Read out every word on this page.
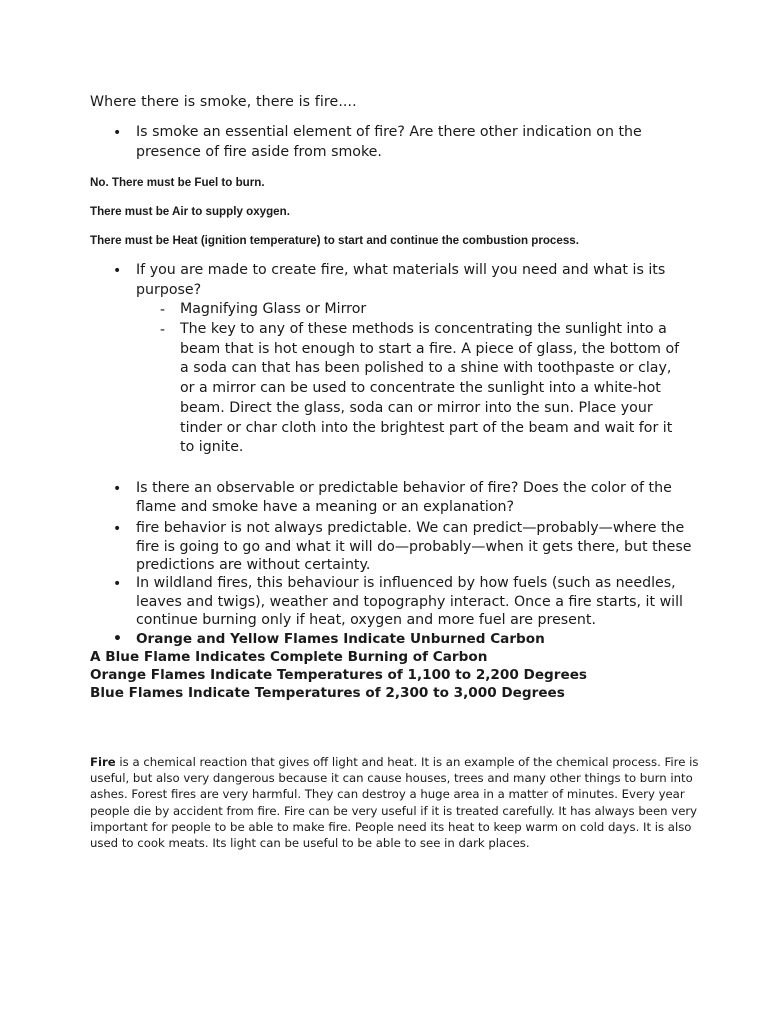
Where there is smoke, there is fire....
• Is smoke an essential element of fire? Are there other indication on the presence of fire aside from smoke.
No. There must be Fuel to burn.
There must be Air to supply oxygen.
There must be Heat (ignition temperature) to start and continue the combustion process.
• If you are made to create fire, what materials will you need and what is its purpose?
- Magnifying Glass or Mirror
- The key to any of these methods is concentrating the sunlight into a beam that is hot enough to start a fire. A piece of glass, the bottom of a soda can that has been polished to a shine with toothpaste or clay, or a mirror can be used to concentrate the sunlight into a white-hot beam. Direct the glass, soda can or mirror into the sun. Place your tinder or char cloth into the brightest part of the beam and wait for it to ignite.
• Is there an observable or predictable behavior of fire? Does the color of the flame and smoke have a meaning or an explanation?
• fire behavior is not always predictable. We can predict—probably—where the fire is going to go and what it will do—probably—when it gets there, but these predictions are without certainty.
• In wildland fires, this behaviour is influenced by how fuels (such as needles, leaves and twigs), weather and topography interact. Once a fire starts, it will continue burning only if heat, oxygen and more fuel are present.
• Orange and Yellow Flames Indicate Unburned Carbon
A Blue Flame Indicates Complete Burning of Carbon
Orange Flames Indicate Temperatures of 1,100 to 2,200 Degrees
Blue Flames Indicate Temperatures of 2,300 to 3,000 Degrees
Fire is a chemical reaction that gives off light and heat. It is an example of the chemical process. Fire is useful, but also very dangerous because it can cause houses, trees and many other things to burn into ashes. Forest fires are very harmful. They can destroy a huge area in a matter of minutes. Every year people die by accident from fire. Fire can be very useful if it is treated carefully. It has always been very important for people to be able to make fire. People need its heat to keep warm on cold days. It is also used to cook meats. Its light can be useful to be able to see in dark places.
